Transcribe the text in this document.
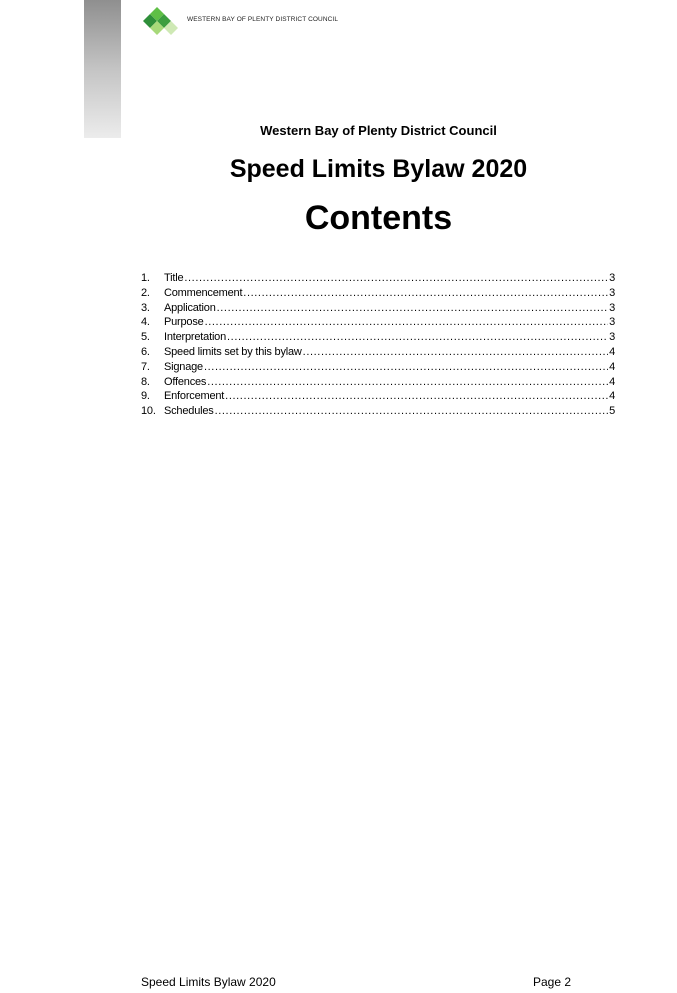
WESTERN BAY OF PLENTY DISTRICT COUNCIL
Western Bay of Plenty District Council
Speed Limits Bylaw 2020
Contents
1.	Title .....	3
2.	Commencement .....	3
3.	Application .....	3
4.	Purpose .....	3
5.	Interpretation .....	3
6.	Speed limits set by this bylaw .....	4
7.	Signage .....	4
8.	Offences .....	4
9.	Enforcement .....	4
10. Schedules .....	5
Speed Limits Bylaw 2020	Page 2
